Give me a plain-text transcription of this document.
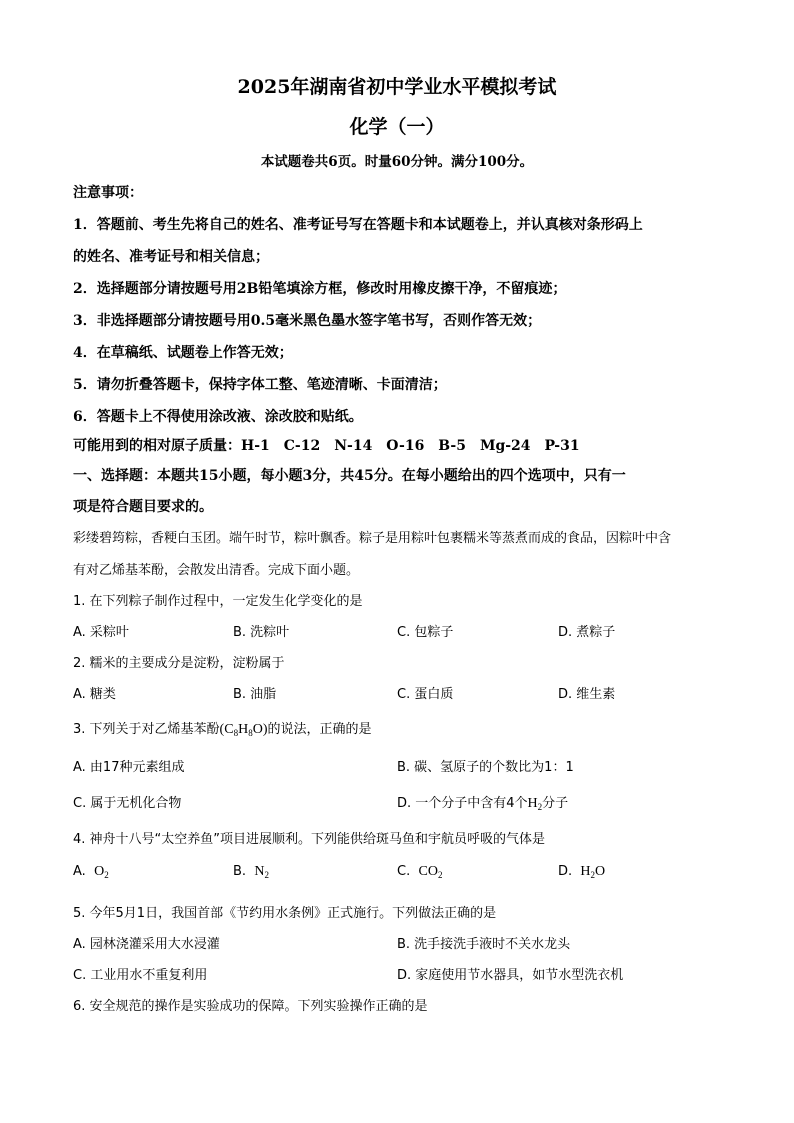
2025年湖南省初中学业水平模拟考试
化学（一）
本试题卷共6页。时量60分钟。满分100分。
注意事项：
1．答题前、考生先将自己的姓名、准考证号写在答题卡和本试题卷上，并认真核对条形码上
的姓名、准考证号和相关信息；
2．选择题部分请按题号用2B铅笔填涂方框，修改时用橡皮擦干净，不留痕迹；
3．非选择题部分请按题号用0.5毫米黑色墨水签字笔书写，否则作答无效；
4．在草稿纸、试题卷上作答无效；
5．请勿折叠答题卡，保持字体工整、笔迹清晰、卡面清洁；
6．答题卡上不得使用涂改液、涂改胶和贴纸。
可能用到的相对原子质量：H-1　C-12　N-14　O-16　B-5　Mg-24　P-31
一、选择题：本题共15小题，每小题3分，共45分。在每小题给出的四个选项中，只有一
项是符合题目要求的。
彩缕碧筠粽，香粳白玉团。端午时节，粽叶飘香。粽子是用粽叶包裹糯米等蒸煮而成的食品，因粽叶中含
有对乙烯基苯酚，会散发出清香。完成下面小题。
1. 在下列粽子制作过程中，一定发生化学变化的是
A. 采粽叶	B. 洗粽叶	C. 包粽子	D. 煮粽子
2. 糯米的主要成分是淀粉，淀粉属于
A. 糖类	B. 油脂	C. 蛋白质	D. 维生素
3. 下列关于对乙烯基苯酚$(C_8H_8O)$的说法，正确的是
A. 由17种元素组成	B. 碳、氢原子的个数比为1：1
C. 属于无机化合物	D. 一个分子中含有4个$H_2$分子
4. 神舟十八号“太空养鱼”项目进展顺利。下列能供给斑马鱼和宇航员呼吸的气体是
A. $O_2$	B. $N_2$	C. $CO_2$	D. $H_2O$
5. 今年5月1日，我国首部《节约用水条例》正式施行。下列做法正确的是
A. 园林浇灌采用大水浸灌	B. 洗手接洗手液时不关水龙头
C. 工业用水不重复利用	D. 家庭使用节水器具，如节水型洗衣机
6. 安全规范的操作是实验成功的保障。下列实验操作正确的是
